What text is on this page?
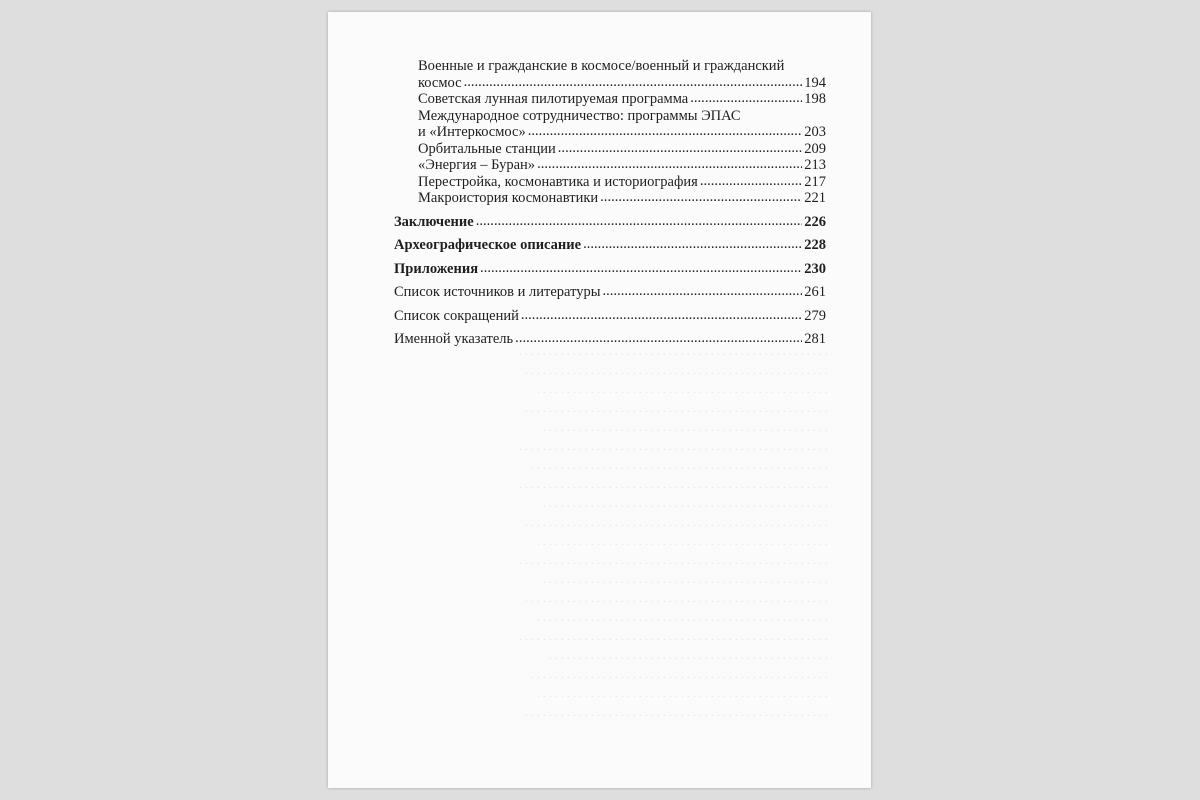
Военные и гражданские в космосе/военный и гражданский
космос . . .	194
Советская лунная пилотируемая программа . . .	198
Международное сотрудничество: программы ЭПАС
и «Интеркосмос» . . .	203
Орбитальные станции . . .	209
«Энергия – Буран» . . .	213
Перестройка, космонавтика и историография . . .	217
Макроистория космонавтики . . .	221
Заключение . . .	226
Археографическое описание . . .	228
Приложения . . .	230
Список источников и литературы . . .	261
Список сокращений . . .	279
Именной указатель . . .	281
. . . . . . . . . . . . . . . . . . . . . . . . . . . . . . . . . . . . . . . . . . . . . . . . . . . .
. . . . . . . . . . . . . . . . . . . . . . . . . . . . . . . . . . . . . . . . . . . . . . . . . . .
. . . . . . . . . . . . . . . . . . . . . . . . . . . . . . . . . . . . . . . . . . . . . . . . .
. . . . . . . . . . . . . . . . . . . . . . . . . . . . . . . . . . . . . . . . . . . . . . . . . . .
. . . . . . . . . . . . . . . . . . . . . . . . . . . . . . . . . . . . . . . . . . . . . . . .
. . . . . . . . . . . . . . . . . . . . . . . . . . . . . . . . . . . . . . . . . . . . . . . . . . . .
. . . . . . . . . . . . . . . . . . . . . . . . . . . . . . . . . . . . . . . . . . . . . . . . . .
. . . . . . . . . . . . . . . . . . . . . . . . . . . . . . . . . . . . . . . . . . . . . . . . . . . .
. . . . . . . . . . . . . . . . . . . . . . . . . . . . . . . . . . . . . . . . . . . . . . . .
. . . . . . . . . . . . . . . . . . . . . . . . . . . . . . . . . . . . . . . . . . . . . . . . . . .
. . . . . . . . . . . . . . . . . . . . . . . . . . . . . . . . . . . . . . . . . . . . . . . . .
. . . . . . . . . . . . . . . . . . . . . . . . . . . . . . . . . . . . . . . . . . . . . . . . . . . .
. . . . . . . . . . . . . . . . . . . . . . . . . . . . . . . . . . . . . . . . . . . . . . . .
. . . . . . . . . . . . . . . . . . . . . . . . . . . . . . . . . . . . . . . . . . . . . . . . . . .
. . . . . . . . . . . . . . . . . . . . . . . . . . . . . . . . . . . . . . . . . . . . . . . . .
. . . . . . . . . . . . . . . . . . . . . . . . . . . . . . . . . . . . . . . . . . . . . . . . . . . .
. . . . . . . . . . . . . . . . . . . . . . . . . . . . . . . . . . . . . . . . . . . . . . .
. . . . . . . . . . . . . . . . . . . . . . . . . . . . . . . . . . . . . . . . . . . . . . . . . .
. . . . . . . . . . . . . . . . . . . . . . . . . . . . . . . . . . . . . . . . . . . . . . . . .
. . . . . . . . . . . . . . . . . . . . . . . . . . . . . . . . . . . . . . . . . . . . . . . . . . .
